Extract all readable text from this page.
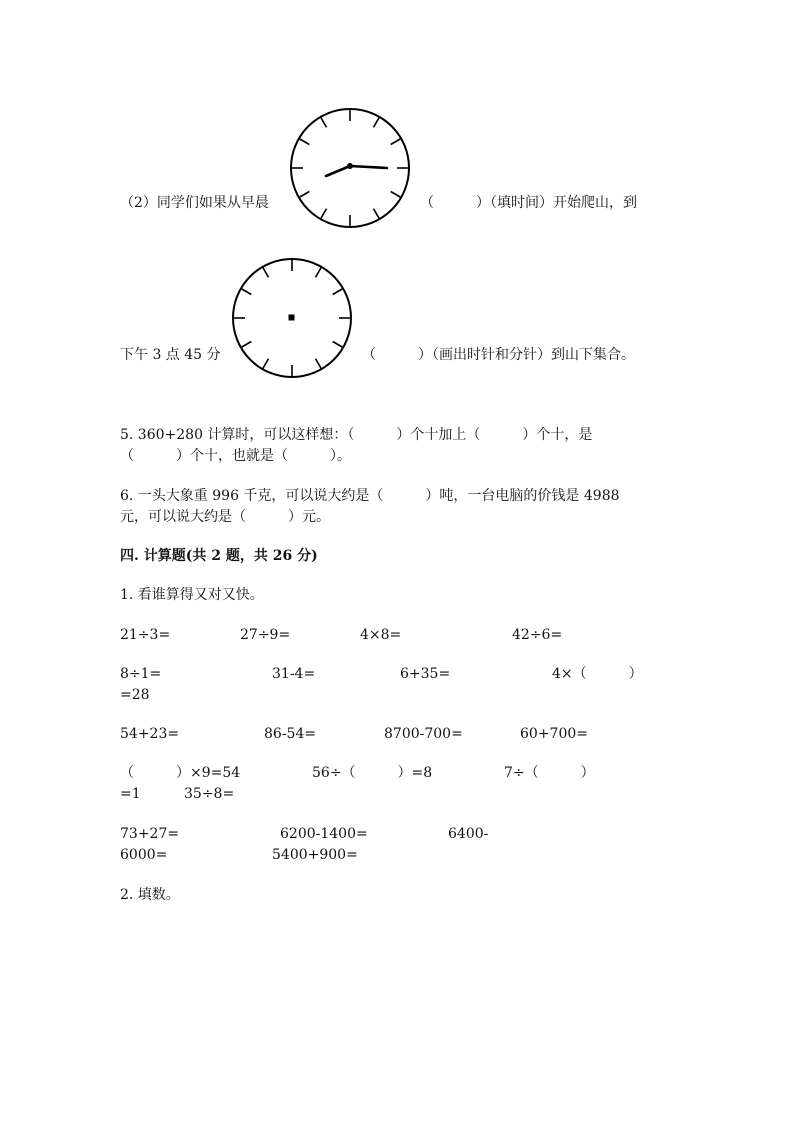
（2）同学们如果从早晨	（　　　）（填时间）开始爬山，到
下午 3 点 45 分	（　　　）（画出时针和分针）到山下集合。
5. 360+280 计算时，可以这样想：（　　　）个十加上（　　　）个十，是
（　　　）个十，也就是（　　　）。
6. 一头大象重 996 千克，可以说大约是（　　　）吨，一台电脑的价钱是 4988
元，可以说大约是（　　　）元。
四. 计算题(共 2 题，共 26 分)
1. 看谁算得又对又快。
21÷3=	27÷9=	4×8=	42÷6=
8÷1=	31-4=	6+35=	4×（　　　）
=28
54+23=	86-54=	8700-700=	60+700=
（　　　）×9=54	56÷（　　　）=8	7÷（　　　）
=1	35÷8=
73+27=	6200-1400=	6400-
6000=	5400+900=
2. 填数。
